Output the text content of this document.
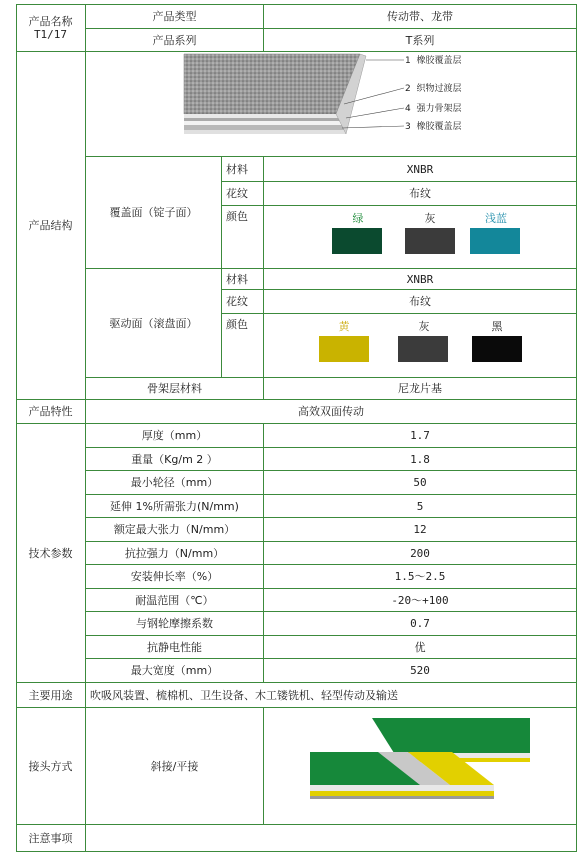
产品名称
T1/17
产品类型	传动带、龙带
产品系列	T系列
产品结构
1 橡胶覆盖层
2 织物过渡层
4 强力骨架层
3 橡胶覆盖层
覆盖面（锭子面）
材料	XNBR
花纹	布纹
颜色	绿	灰	浅蓝
驱动面（滚盘面）
材料	XNBR
花纹	布纹
颜色	黄	灰	黑
骨架层材料	尼龙片基
产品特性	高效双面传动
技术参数
厚度（mm）	1.7
重量（Kg/m 2 ）	1.8
最小轮径（mm）	50
延伸 1%所需张力(N/mm)	5
额定最大张力（N/mm）	12
抗拉强力（N/mm）	200
安装伸长率（%）	1.5～2.5
耐温范围（℃）	-20～+100
与钢轮摩擦系数	0.7
抗静电性能	优
最大宽度（mm）	520
主要用途	吹吸风装置、梳棉机、卫生设备、木工镂铣机、轻型传动及输送
接头方式	斜接/平接
注意事项
